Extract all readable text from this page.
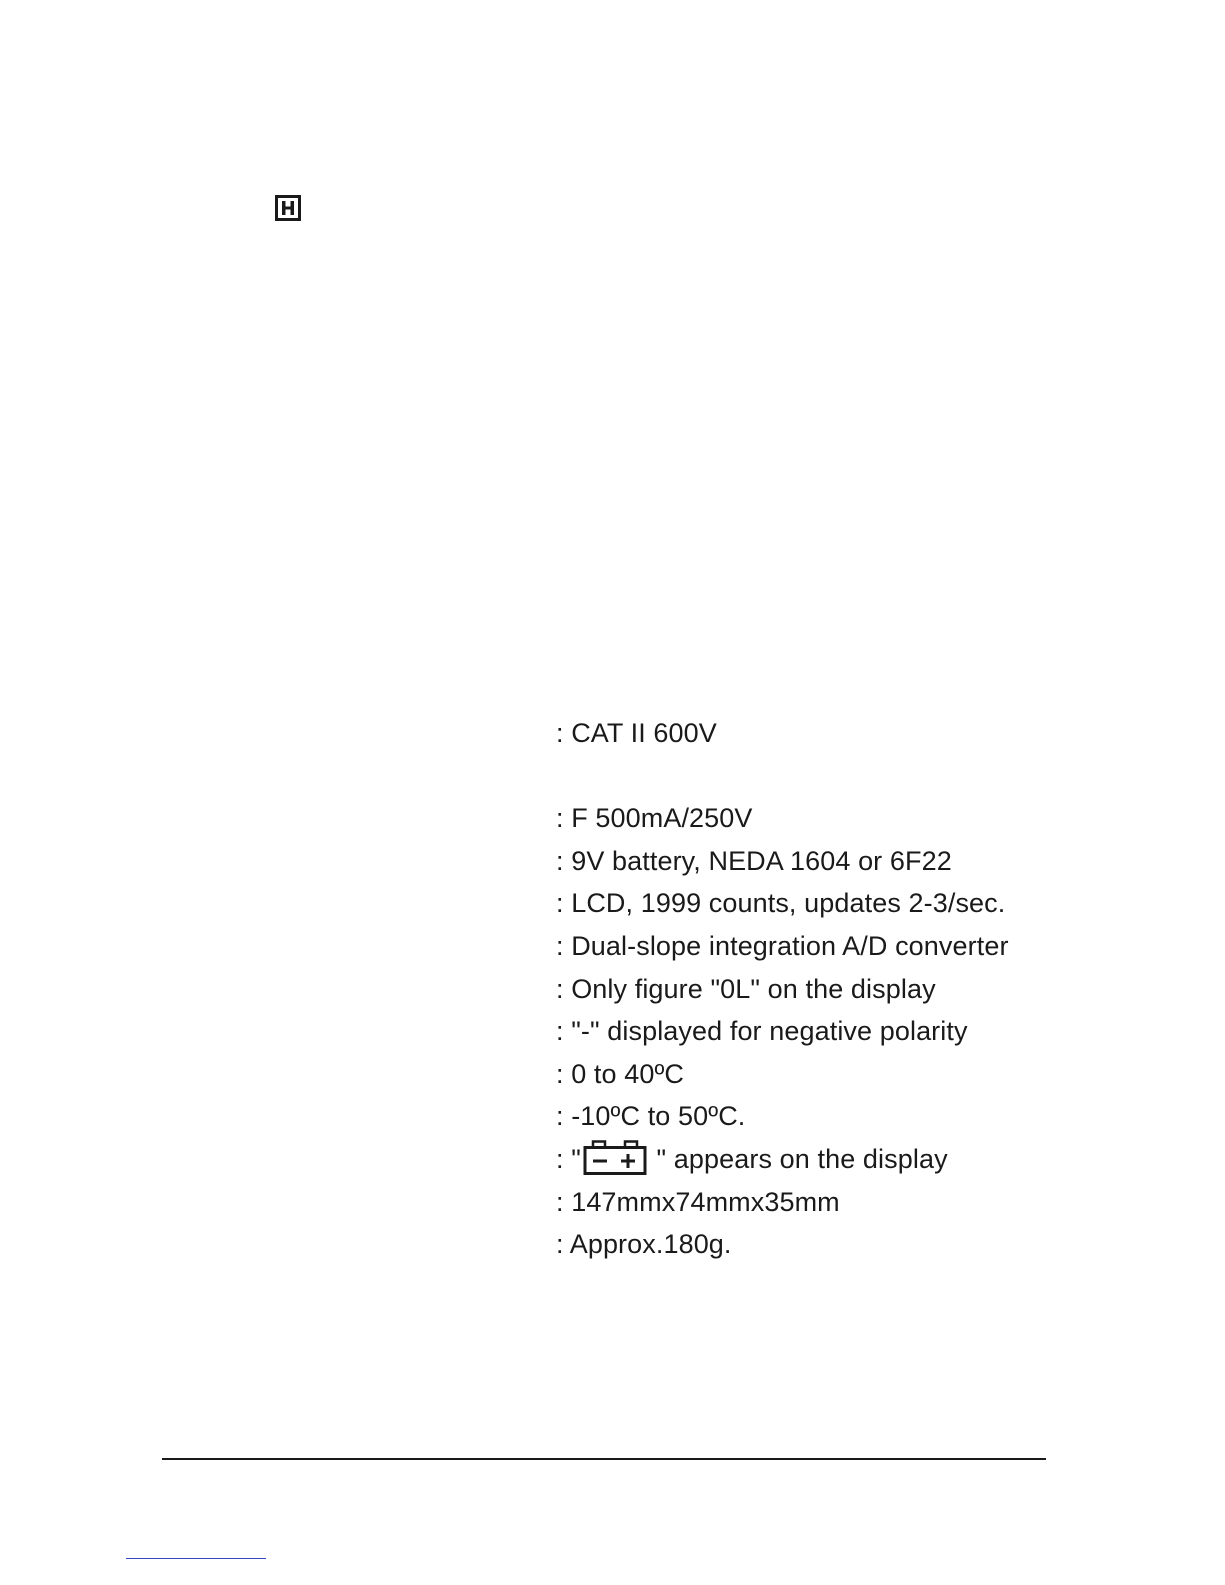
: CAT II 600V
: F 500mA/250V
: 9V battery, NEDA 1604 or 6F22
: LCD, 1999 counts, updates 2-3/sec.
: Dual-slope integration A/D converter
: Only figure "0L" on the display
: "-" displayed for negative polarity
: 0 to 40ºC
: -10ºC to 50ºC.
: "	" appears on the display
: 147mmx74mmx35mm
: Approx.180g.
